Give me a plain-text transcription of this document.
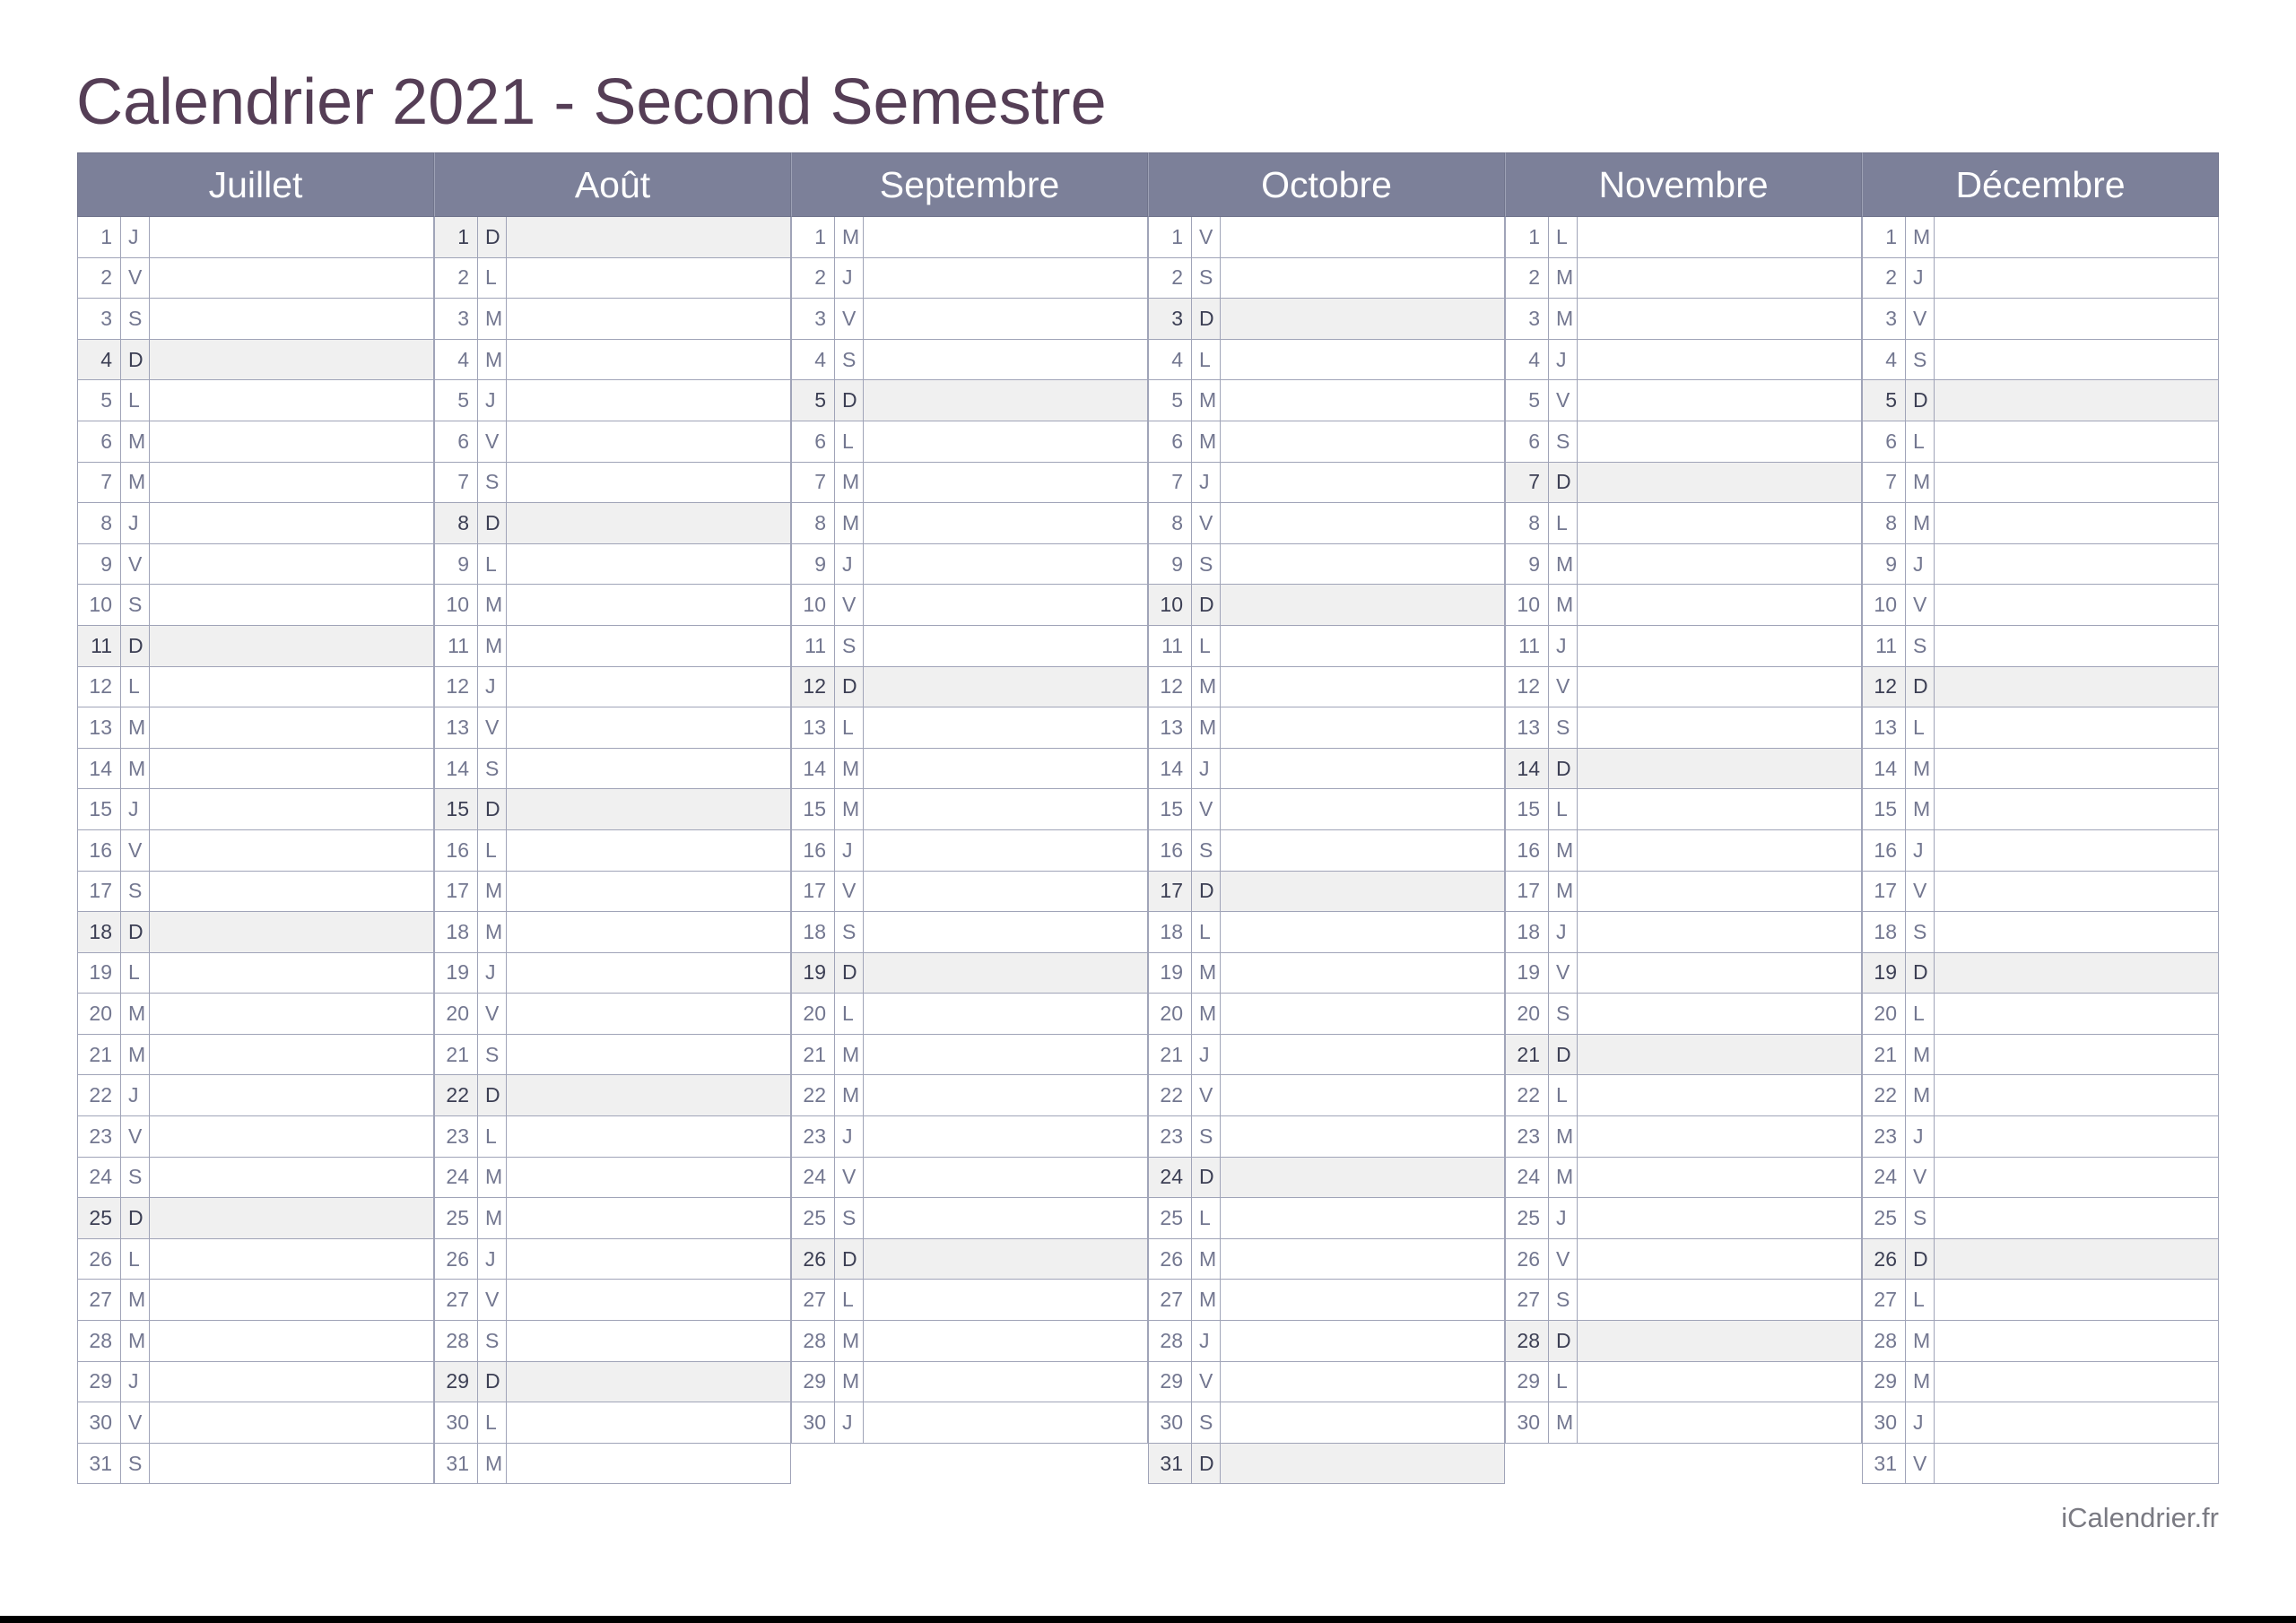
Calendrier 2021 - Second Semestre
Juillet
1 J
2 V
3 S
4 D
5 L
6 M
7 M
8 J
9 V
10 S
11 D
12 L
13 M
14 M
15 J
16 V
17 S
18 D
19 L
20 M
21 M
22 J
23 V
24 S
25 D
26 L
27 M
28 M
29 J
30 V
31 S
Août
1 D
2 L
3 M
4 M
5 J
6 V
7 S
8 D
9 L
10 M
11 M
12 J
13 V
14 S
15 D
16 L
17 M
18 M
19 J
20 V
21 S
22 D
23 L
24 M
25 M
26 J
27 V
28 S
29 D
30 L
31 M
Septembre
1 M
2 J
3 V
4 S
5 D
6 L
7 M
8 M
9 J
10 V
11 S
12 D
13 L
14 M
15 M
16 J
17 V
18 S
19 D
20 L
21 M
22 M
23 J
24 V
25 S
26 D
27 L
28 M
29 M
30 J
Octobre
1 V
2 S
3 D
4 L
5 M
6 M
7 J
8 V
9 S
10 D
11 L
12 M
13 M
14 J
15 V
16 S
17 D
18 L
19 M
20 M
21 J
22 V
23 S
24 D
25 L
26 M
27 M
28 J
29 V
30 S
31 D
Novembre
1 L
2 M
3 M
4 J
5 V
6 S
7 D
8 L
9 M
10 M
11 J
12 V
13 S
14 D
15 L
16 M
17 M
18 J
19 V
20 S
21 D
22 L
23 M
24 M
25 J
26 V
27 S
28 D
29 L
30 M
Décembre
1 M
2 J
3 V
4 S
5 D
6 L
7 M
8 M
9 J
10 V
11 S
12 D
13 L
14 M
15 M
16 J
17 V
18 S
19 D
20 L
21 M
22 M
23 J
24 V
25 S
26 D
27 L
28 M
29 M
30 J
31 V
iCalendrier.fr
